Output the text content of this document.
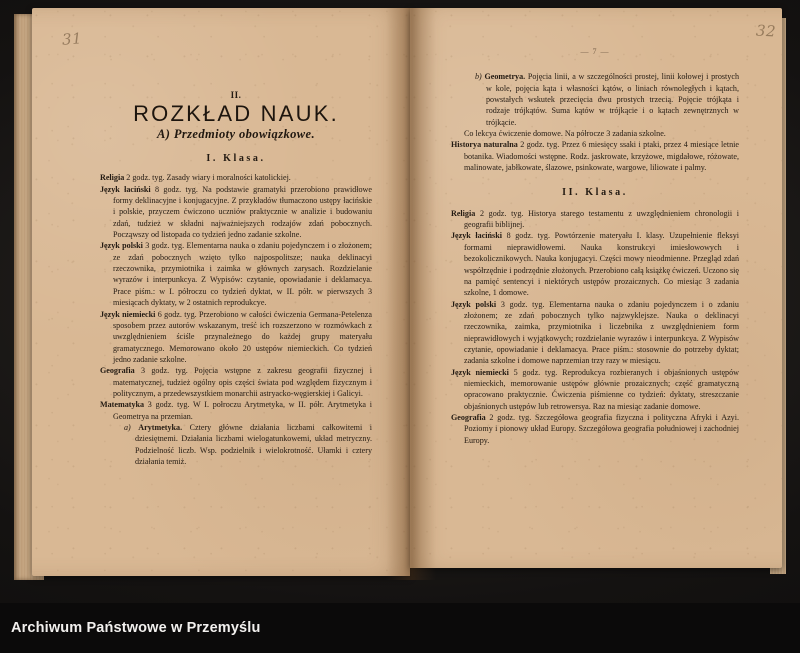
31	32
II.
ROZKŁAD NAUK.
A) Przedmioty obowiązkowe.
I. Klasa.
Religia 2 godz. tyg. Zasady wiary i moralności katolickiej.
Język łaciński 8 godz. tyg. Na podstawie gramatyki przerobiono prawidłowe formy deklinacyjne i konjugacyjne. Z przykładów tłumaczono ustępy łacińskie i polskie, przyczem ćwiczono uczniów praktycznie w analizie i budowaniu zdań, tudzież w składni najważniejszych rodzajów zdań pobocznych. Począwszy od listopada co tydzień jedno zadanie szkolne.
Język polski 3 godz. tyg. Elementarna nauka o zdaniu pojedynczem i o złożonem; ze zdań pobocznych wzięto tylko najpospolitsze; nauka deklinacyi rzeczownika, przymiotnika i zaimka w głównych zarysach. Rozdzielanie wyrazów i interpunkcya. Z Wypisów: czytanie, opowiadanie i deklamacya. Prace piśm.: w I. półroczu co tydzień dyktat, w II. półr. w pierwszych 3 miesiącach dyktaty, w 2 ostatnich reprodukcye.
Język niemiecki 6 godz. tyg. Przerobiono w całości ćwiczenia Germana-Petelenza sposobem przez autorów wskazanym, treść ich rozszerzono w rozmówkach z uwzględnieniem ściśle przynależnego do każdej grupy materyału gramatycznego. Memorowano około 20 ustępów niemieckich. Co tydzień jedno zadanie szkolne.
Geografia 3 godz. tyg. Pojęcia wstępne z zakresu geografii fizycznej i matematycznej, tudzież ogólny opis części świata pod względem fizycznym i politycznym, a przedewszystkiem monarchii astryacko-węgierskiej i Galicyi.
Matematyka 3 godz. tyg. W I. połroczu Arytmetyka, w II. półr. Arytmetyka i Geometrya na przemian.
a) Arytmetyka. Cztery główne działania liczbami całkowitemi i dziesiętnemi. Działania liczbami wielogatunkowemi, układ metryczny. Podzielność liczb. Wsp. podzielnik i wielokrotność. Ułamki i cztery działania temiż.
— 7 —
b) Geometrya. Pojęcia linii, a w szczególności prostej, linii kołowej i prostych w kole, pojęcia kąta i własności kątów, o liniach równoległych i kątach, powstałych wskutek przecięcia dwu prostych trzecią. Pojęcie trójkąta i rodzaje trójkątów. Suma kątów w trójkącie i o kątach zewnętrznych w trójkącie.
Co lekcya ćwiczenie domowe. Na półrocze 3 zadania szkolne.
Historya naturalna 2 godz. tyg. Przez 6 miesięcy ssaki i ptaki, przez 4 miesiące letnie botanika. Wiadomości wstępne. Rodz. jaskrowate, krzyżowe, migdałowe, różowate, malinowate, jabłkowate, ślazowe, psinkowate, wargowe, liliowate i palmy.
II. Klasa.
Religia 2 godz. tyg. Historya starego testamentu z uwzględnieniem chronologii i geografii biblijnej.
Język łaciński 8 godz. tyg. Powtórzenie materyału I. klasy. Uzupełnienie fleksyi formami nieprawidłowemi. Nauka konstrukcyi imiesłowowych i bezokolicznikowych. Nauka konjugacyi. Części mowy nieodmienne. Przegląd zdań współrzędnie i podrzędnie złożonych. Przerobiono całą książkę ćwiczeń. Uczono się na pamięć sentencyi i niektórych ustępów prozaicznych. Co miesiąc 3 zadania szkolne, 1 domowe.
Język polski 3 godz. tyg. Elementarna nauka o zdaniu pojedynczem i o zdaniu złożonem; ze zdań pobocznych tylko najzwyklejsze. Nauka o deklinacyi rzeczownika, zaimka, przymiotnika i liczebnika z uwzględnieniem form nieprawidłowych i wyjątkowych; rozdzielanie wyrazów i interpunkcya. Z Wypisów czytanie, opowiadanie i deklamacya. Prace piśm.: stosownie do potrzeby dyktat; zadania szkolne i domowe naprzemian trzy razy w miesiącu.
Język niemiecki 5 godz. tyg. Reprodukcya rozbieranych i objaśnionych ustępów niemieckich, memorowanie ustępów głównie prozaicznych; część gramatyczną opracowano praktycznie. Ćwiczenia piśmienne co tydzień: dyktaty, streszczanie objaśnionych ustępów lub retrowersya. Raz na miesiąc zadanie domowe.
Geografia 2 godz. tyg. Szczegółowa geografia fizyczna i polityczna Afryki i Azyi. Poziomy i pionowy układ Europy. Szczegółowa geografia południowej i zachodniej Europy.
Archiwum Państwowe w Przemyślu
